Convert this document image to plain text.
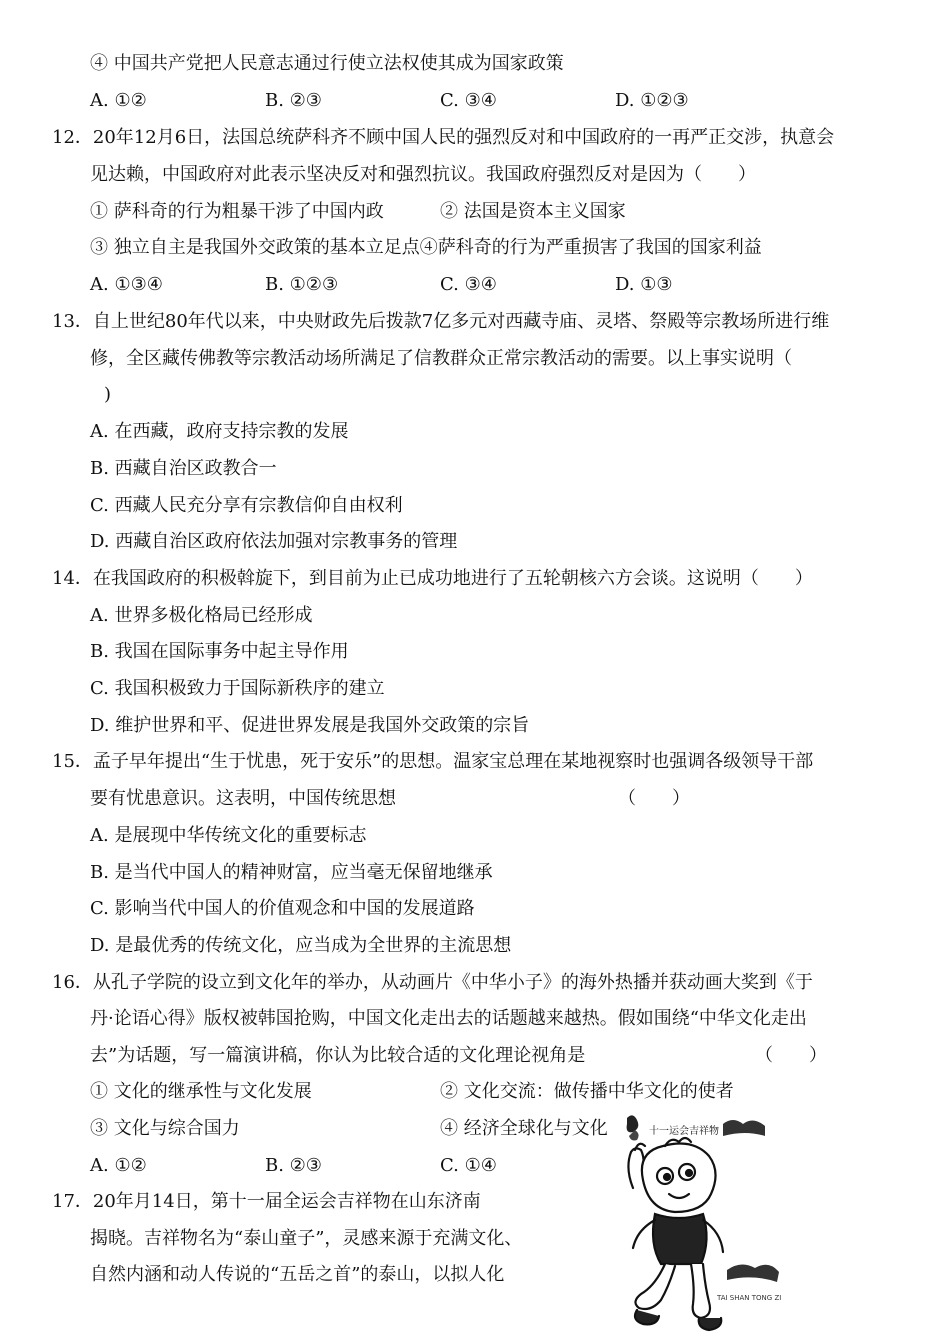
④ 中国共产党把人民意志通过行使立法权使其成为国家政策
A. ①②	B. ②③	C. ③④	D. ①②③
12．20年12月6日，法国总统萨科齐不顾中国人民的强烈反对和中国政府的一再严正交涉，执意会
见达赖，中国政府对此表示坚决反对和强烈抗议。我国政府强烈反对是因为（　　）
① 萨科奇的行为粗暴干涉了中国内政	② 法国是资本主义国家
③ 独立自主是我国外交政策的基本立足点④萨科奇的行为严重损害了我国的国家利益
A. ①③④	B. ①②③	C. ③④	D. ①③
13．自上世纪80年代以来，中央财政先后拨款7亿多元对西藏寺庙、灵塔、祭殿等宗教场所进行维
修，全区藏传佛教等宗教活动场所满足了信教群众正常宗教活动的需要。以上事实说明（
)
A. 在西藏，政府支持宗教的发展
B. 西藏自治区政教合一
C. 西藏人民充分享有宗教信仰自由权利
D. 西藏自治区政府依法加强对宗教事务的管理
14．在我国政府的积极斡旋下，到目前为止已成功地进行了五轮朝核六方会谈。这说明（　　）
A. 世界多极化格局已经形成
B. 我国在国际事务中起主导作用
C. 我国积极致力于国际新秩序的建立
D. 维护世界和平、促进世界发展是我国外交政策的宗旨
15．孟子早年提出“生于忧患，死于安乐”的思想。温家宝总理在某地视察时也强调各级领导干部
要有忧患意识。这表明，中国传统思想	（　　）
A. 是展现中华传统文化的重要标志
B. 是当代中国人的精神财富，应当毫无保留地继承
C. 影响当代中国人的价值观念和中国的发展道路
D. 是最优秀的传统文化，应当成为全世界的主流思想
16．从孔子学院的设立到文化年的举办，从动画片《中华小子》的海外热播并获动画大奖到《于
丹·论语心得》版权被韩国抢购，中国文化走出去的话题越来越热。假如围绕“中华文化走出
去”为话题，写一篇演讲稿，你认为比较合适的文化理论视角是	（　　）
① 文化的继承性与文化发展	② 文化交流：做传播中华文化的使者
③ 文化与综合国力	④ 经济全球化与文化
A. ①②	B. ②③	C. ①④
17．20年月14日，第十一届全运会吉祥物在山东济南
揭晓。吉祥物名为“泰山童子”，灵感来源于充满文化、
自然内涵和动人传说的“五岳之首”的泰山，以拟人化
十一运会吉祥物
TAI SHAN TONG ZI
